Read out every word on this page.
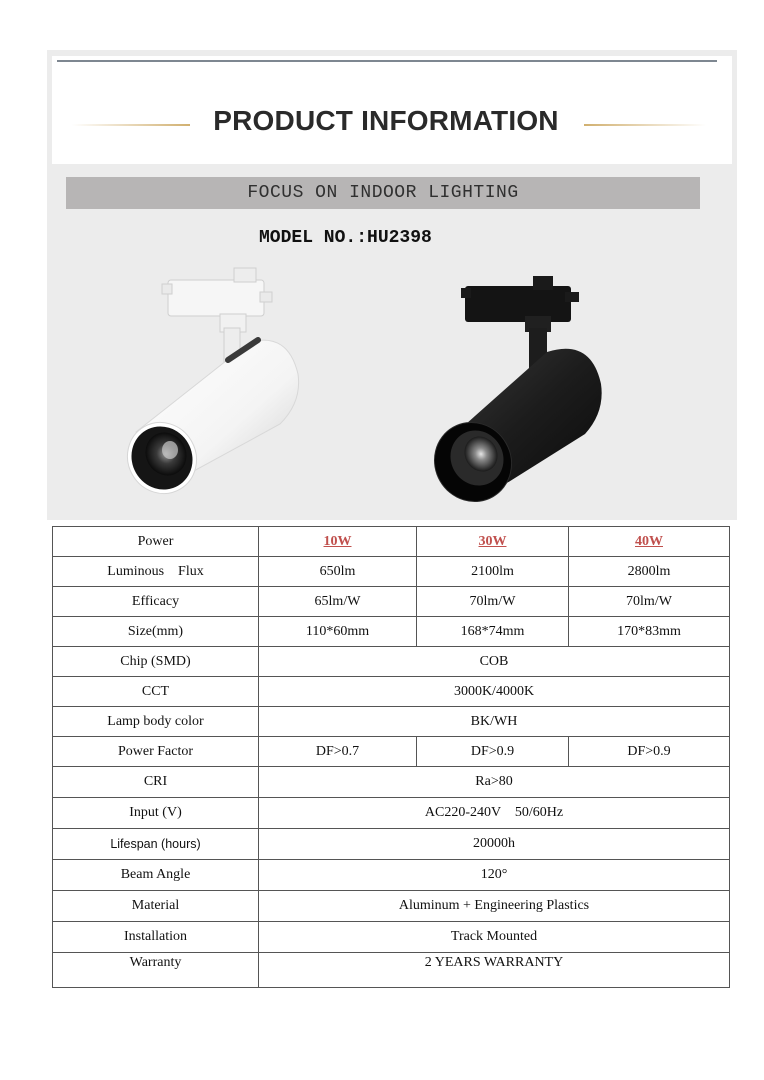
PRODUCT INFORMATION
FOCUS ON INDOOR LIGHTING
MODEL NO.:HU2398
Power	10W	30W	40W
Luminous    Flux	650lm	2100lm	2800lm
Efficacy	65lm/W	70lm/W	70lm/W
Size(mm)	110*60mm	168*74mm	170*83mm
Chip (SMD)	COB		
CCT	3000K/4000K		
Lamp body color	BK/WH		
Power Factor	DF>0.7	DF>0.9	DF>0.9
CRI	Ra>80		
Input (V)	AC220-240V    50/60Hz		
Lifespan (hours)	20000h		
Beam Angle	120°		
Material	Aluminum + Engineering Plastics		
Installation	Track Mounted		
Warranty	2 YEARS WARRANTY		
